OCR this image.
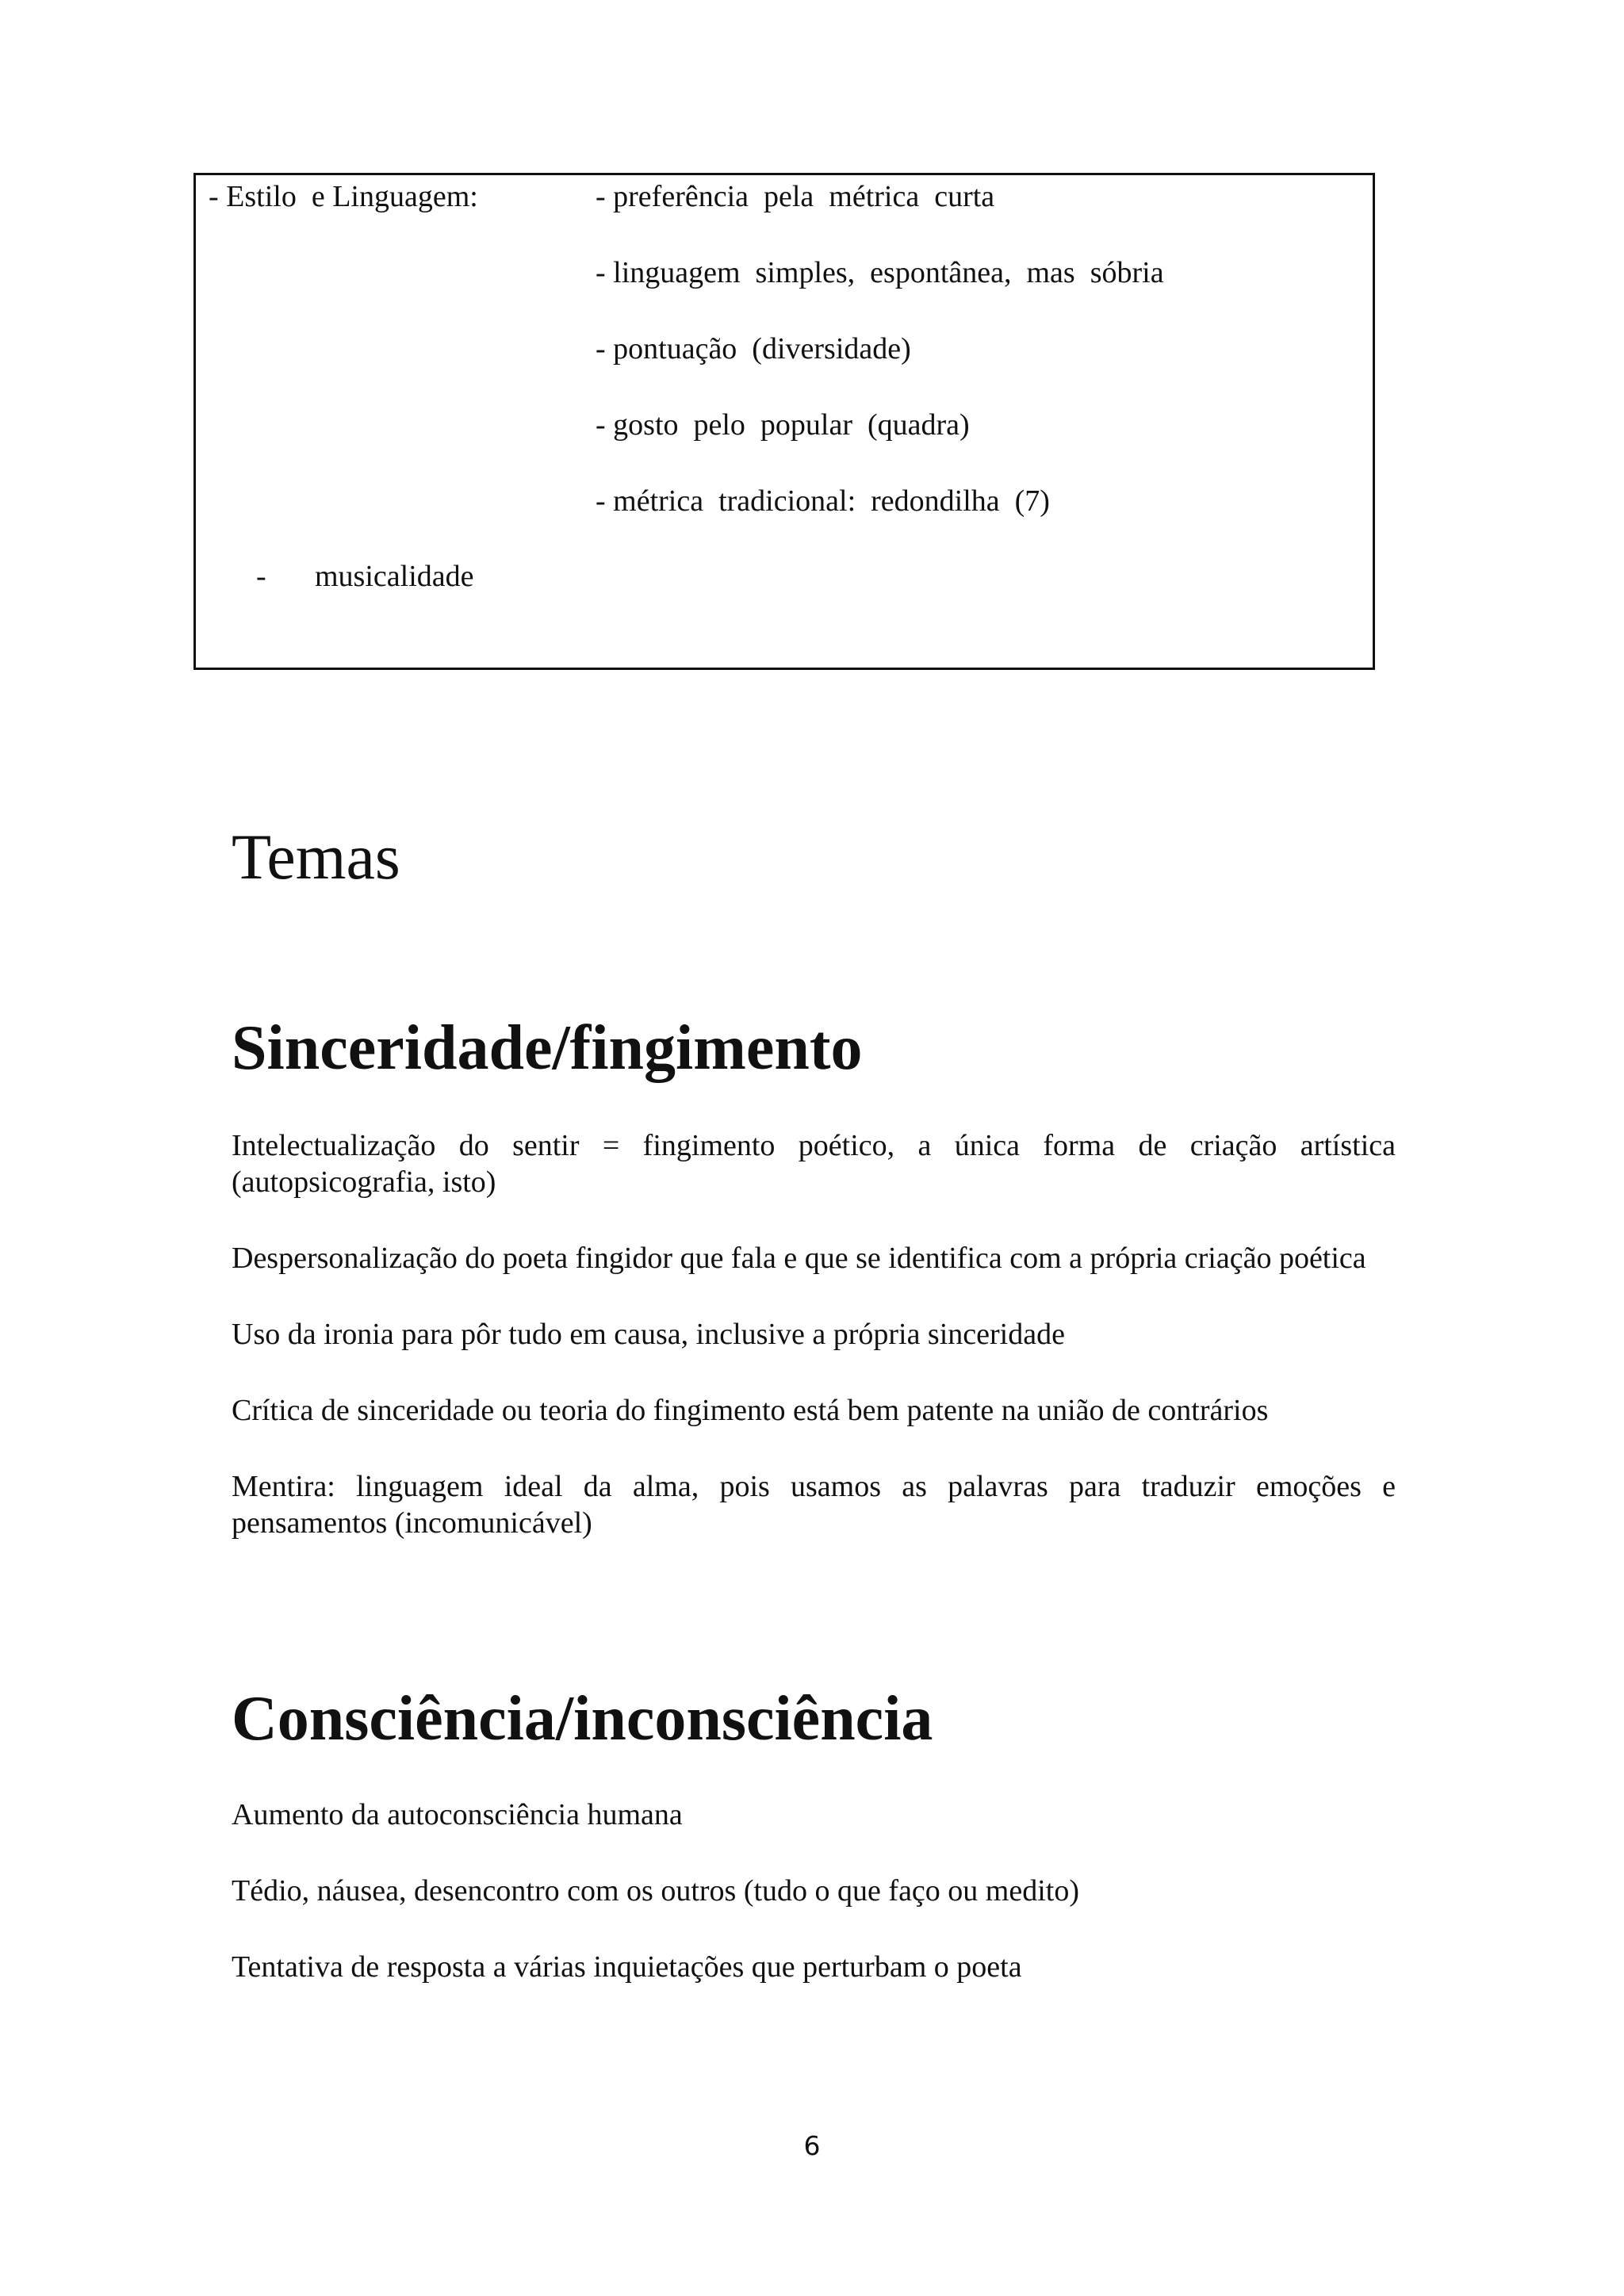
- Estilo  e Linguagem:	- preferência  pela  métrica  curta
- linguagem  simples,  espontânea,  mas  sóbria
- pontuação  (diversidade)
- gosto  pelo  popular  (quadra)
- métrica  tradicional:  redondilha  (7)
- musicalidade
Temas
Sinceridade/fingimento

Intelectualização do sentir = fingimento poético, a única forma de criação artística (autopsicografia, isto)

Despersonalização do poeta fingidor que fala e que se identifica com a própria criação poética

Uso da ironia para pôr tudo em causa, inclusive a própria sinceridade

Crítica de sinceridade ou teoria do fingimento está bem patente na união de contrários

Mentira: linguagem ideal da alma, pois usamos as palavras para traduzir emoções e pensamentos (incomunicável)

Consciência/inconsciência

Aumento da autoconsciência humana

Tédio, náusea, desencontro com os outros (tudo o que faço ou medito)

Tentativa de resposta a várias inquietações que perturbam o poeta

6
